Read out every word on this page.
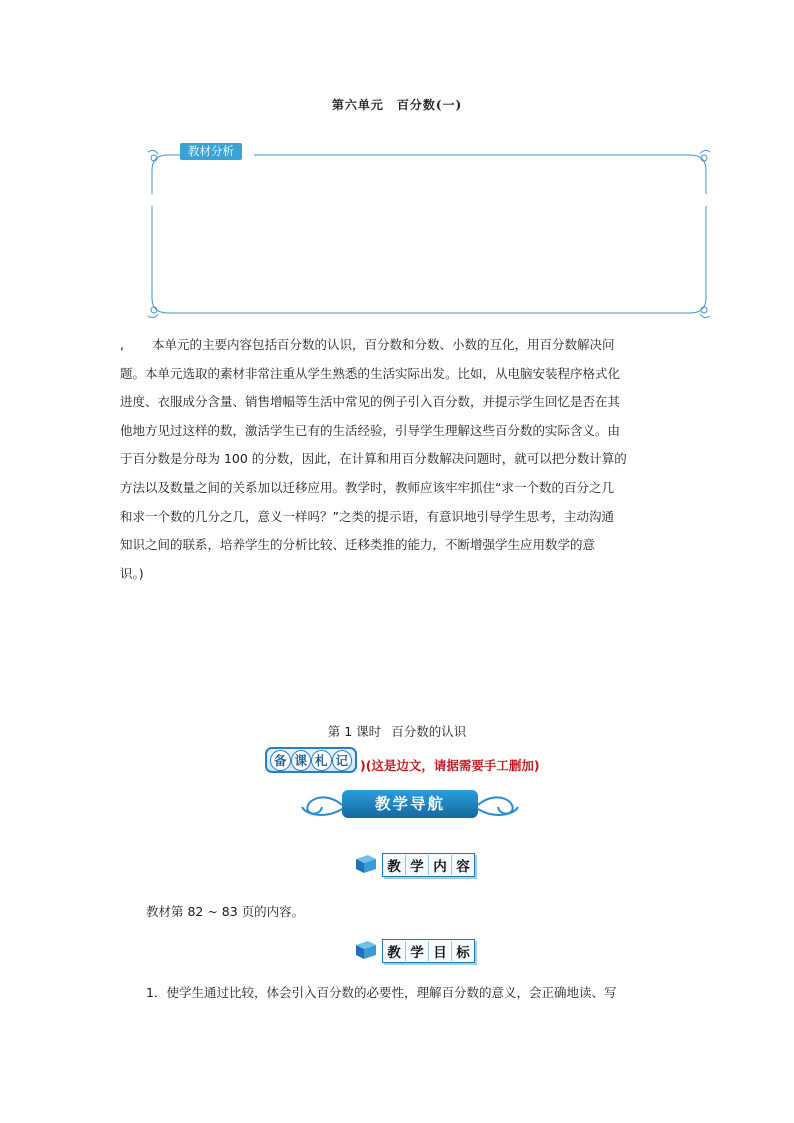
第六单元　百分数(一)
教材分析
, 本单元的主要内容包括百分数的认识，百分数和分数、小数的互化，用百分数解决问
题。本单元选取的素材非常注重从学生熟悉的生活实际出发。比如，从电脑安装程序格式化
进度、衣服成分含量、销售增幅等生活中常见的例子引入百分数，并提示学生回忆是否在其
他地方见过这样的数，激活学生已有的生活经验，引导学生理解这些百分数的实际含义。由
于百分数是分母为 100 的分数，因此，在计算和用百分数解决问题时，就可以把分数计算的
方法以及数量之间的关系加以迁移应用。教学时，教师应该牢牢抓住“求一个数的百分之几
和求一个数的几分之几，意义一样吗？”之类的提示语，有意识地引导学生思考，主动沟通
知识之间的联系，培养学生的分析比较、迁移类推的能力，不断增强学生应用数学的意
识。)
第 1 课时 百分数的认识
备 课 札 记 )(这是边文，请据需要手工删加)
教学导航
教 学 内 容
教材第 82 ~ 83 页的内容。
教 学 目 标
1．使学生通过比较，体会引入百分数的必要性，理解百分数的意义，会正确地读、写
